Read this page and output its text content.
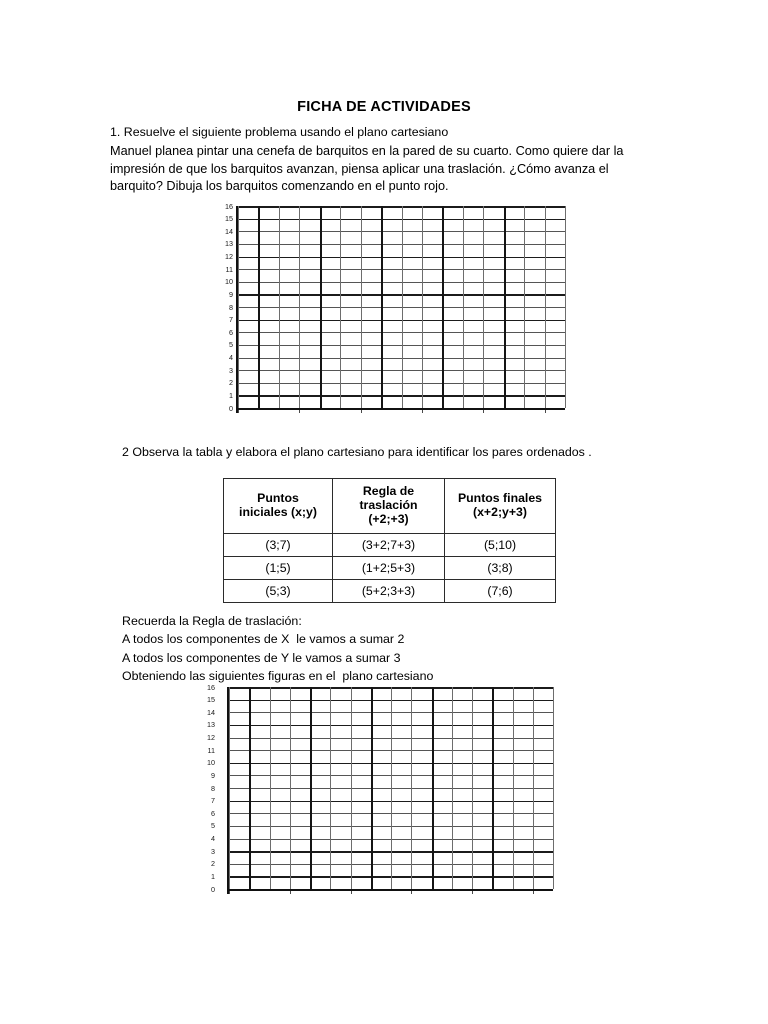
FICHA DE ACTIVIDADES
1. Resuelve el siguiente problema usando el plano cartesiano
Manuel planea pintar una cenefa de barquitos en la pared de su cuarto. Como quiere dar la impresión de que los barquitos avanzan, piensa aplicar una traslación. ¿Cómo avanza el barquito? Dibuja los barquitos comenzando en el punto rojo.
16
15
14
13
12
11
10
9
8
7
6
5
4
3
2
1
0
2 Observa la tabla y elabora el plano cartesiano para identificar los pares ordenados .
Puntos
iniciales (x;y)

Regla de
traslación
(+2;+3)

Puntos finales
(x+2;y+3)

(3;7)	(3+2;7+3)	(5;10)
(1;5)	(1+2;5+3)	(3;8)
(5;3)	(5+2;3+3)	(7;6)
Recuerda la Regla de traslación:
A todos los componentes de X  le vamos a sumar 2
A todos los componentes de Y le vamos a sumar 3
Obteniendo las siguientes figuras en el  plano cartesiano
16
15
14
13
12
11
10
9
8
7
6
5
4
3
2
1
0
